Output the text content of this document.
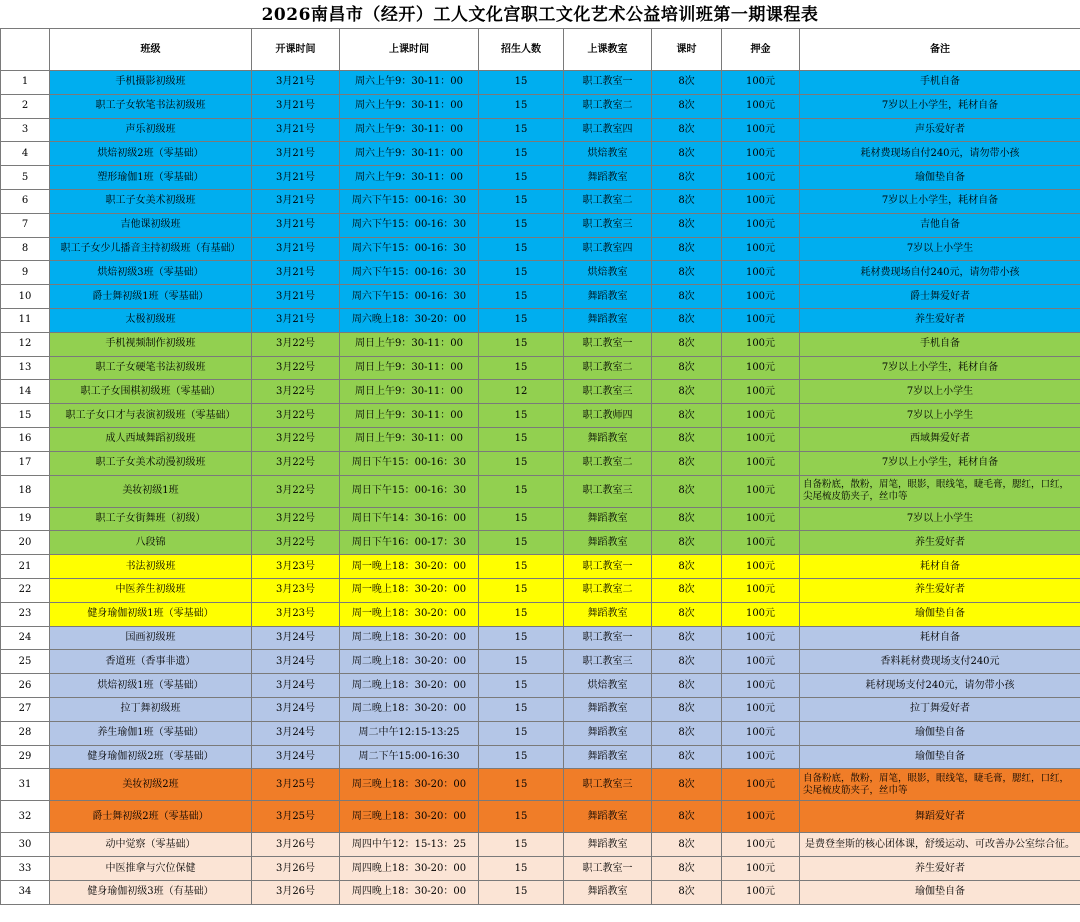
2026南昌市（经开）工人文化宫职工文化艺术公益培训班第一期课程表
	班级	开课时间	上课时间	招生人数	上课教室	课时	押金	备注
1	手机摄影初级班	3月21号	周六上午9：30-11：00	15	职工教室一	8次	100元	手机自备
2	职工子女软笔书法初级班	3月21号	周六上午9：30-11：00	15	职工教室二	8次	100元	7岁以上小学生，耗材自备
3	声乐初级班	3月21号	周六上午9：30-11：00	15	职工教室四	8次	100元	声乐爱好者
4	烘焙初级2班（零基础）	3月21号	周六上午9：30-11：00	15	烘焙教室	8次	100元	耗材费现场自付240元，请勿带小孩
5	塑形瑜伽1班（零基础）	3月21号	周六上午9：30-11：00	15	舞蹈教室	8次	100元	瑜伽垫自备
6	职工子女美术初级班	3月21号	周六下午15：00-16：30	15	职工教室二	8次	100元	7岁以上小学生，耗材自备
7	吉他课初级班	3月21号	周六下午15：00-16：30	15	职工教室三	8次	100元	吉他自备
8	职工子女少儿播音主持初级班（有基础）	3月21号	周六下午15：00-16：30	15	职工教室四	8次	100元	7岁以上小学生
9	烘焙初级3班（零基础）	3月21号	周六下午15：00-16：30	15	烘焙教室	8次	100元	耗材费现场自付240元，请勿带小孩
10	爵士舞初级1班（零基础）	3月21号	周六下午15：00-16：30	15	舞蹈教室	8次	100元	爵士舞爱好者
11	太极初级班	3月21号	周六晚上18：30-20：00	15	舞蹈教室	8次	100元	养生爱好者
12	手机视频制作初级班	3月22号	周日上午9：30-11：00	15	职工教室一	8次	100元	手机自备
13	职工子女硬笔书法初级班	3月22号	周日上午9：30-11：00	15	职工教室二	8次	100元	7岁以上小学生，耗材自备
14	职工子女围棋初级班（零基础）	3月22号	周日上午9：30-11：00	12	职工教室三	8次	100元	7岁以上小学生
15	职工子女口才与表演初级班（零基础）	3月22号	周日上午9：30-11：00	15	职工教师四	8次	100元	7岁以上小学生
16	成人西域舞蹈初级班	3月22号	周日上午9：30-11：00	15	舞蹈教室	8次	100元	西域舞爱好者
17	职工子女美术动漫初级班	3月22号	周日下午15：00-16：30	15	职工教室二	8次	100元	7岁以上小学生，耗材自备
18	美妆初级1班	3月22号	周日下午15：00-16：30	15	职工教室三	8次	100元	自备粉底，散粉，眉笔，眼影，眼线笔，睫毛膏，腮红，口红，尖尾梳皮筋夹子，丝巾等
19	职工子女街舞班（初级）	3月22号	周日下午14：30-16：00	15	舞蹈教室	8次	100元	7岁以上小学生
20	八段锦	3月22号	周日下午16：00-17：30	15	舞蹈教室	8次	100元	养生爱好者
21	书法初级班	3月23号	周一晚上18：30-20：00	15	职工教室一	8次	100元	耗材自备
22	中医养生初级班	3月23号	周一晚上18：30-20：00	15	职工教室二	8次	100元	养生爱好者
23	健身瑜伽初级1班（零基础）	3月23号	周一晚上18：30-20：00	15	舞蹈教室	8次	100元	瑜伽垫自备
24	国画初级班	3月24号	周二晚上18：30-20：00	15	职工教室一	8次	100元	耗材自备
25	香道班（香事非遗）	3月24号	周二晚上18：30-20：00	15	职工教室三	8次	100元	香料耗材费现场支付240元
26	烘焙初级1班（零基础）	3月24号	周二晚上18：30-20：00	15	烘焙教室	8次	100元	耗材现场支付240元，请勿带小孩
27	拉丁舞初级班	3月24号	周二晚上18：30-20：00	15	舞蹈教室	8次	100元	拉丁舞爱好者
28	养生瑜伽1班（零基础）	3月24号	周二中午12:15-13:25	15	舞蹈教室	8次	100元	瑜伽垫自备
29	健身瑜伽初级2班（零基础）	3月24号	周二下午15:00-16:30	15	舞蹈教室	8次	100元	瑜伽垫自备
31	美妆初级2班	3月25号	周三晚上18：30-20：00	15	职工教室三	8次	100元	自备粉底，散粉，眉笔，眼影，眼线笔，睫毛膏，腮红，口红，尖尾梳皮筋夹子，丝巾等
32	爵士舞初级2班（零基础）	3月25号	周三晚上18：30-20：00	15	舞蹈教室	8次	100元	舞蹈爱好者
30	动中觉察（零基础）	3月26号	周四中午12：15-13：25	15	舞蹈教室	8次	100元	是费登奎斯的核心团体课，舒缓运动、可改善办公室综合征。
33	中医推拿与穴位保健	3月26号	周四晚上18：30-20：00	15	职工教室一	8次	100元	养生爱好者
34	健身瑜伽初级3班（有基础）	3月26号	周四晚上18：30-20：00	15	舞蹈教室	8次	100元	瑜伽垫自备
